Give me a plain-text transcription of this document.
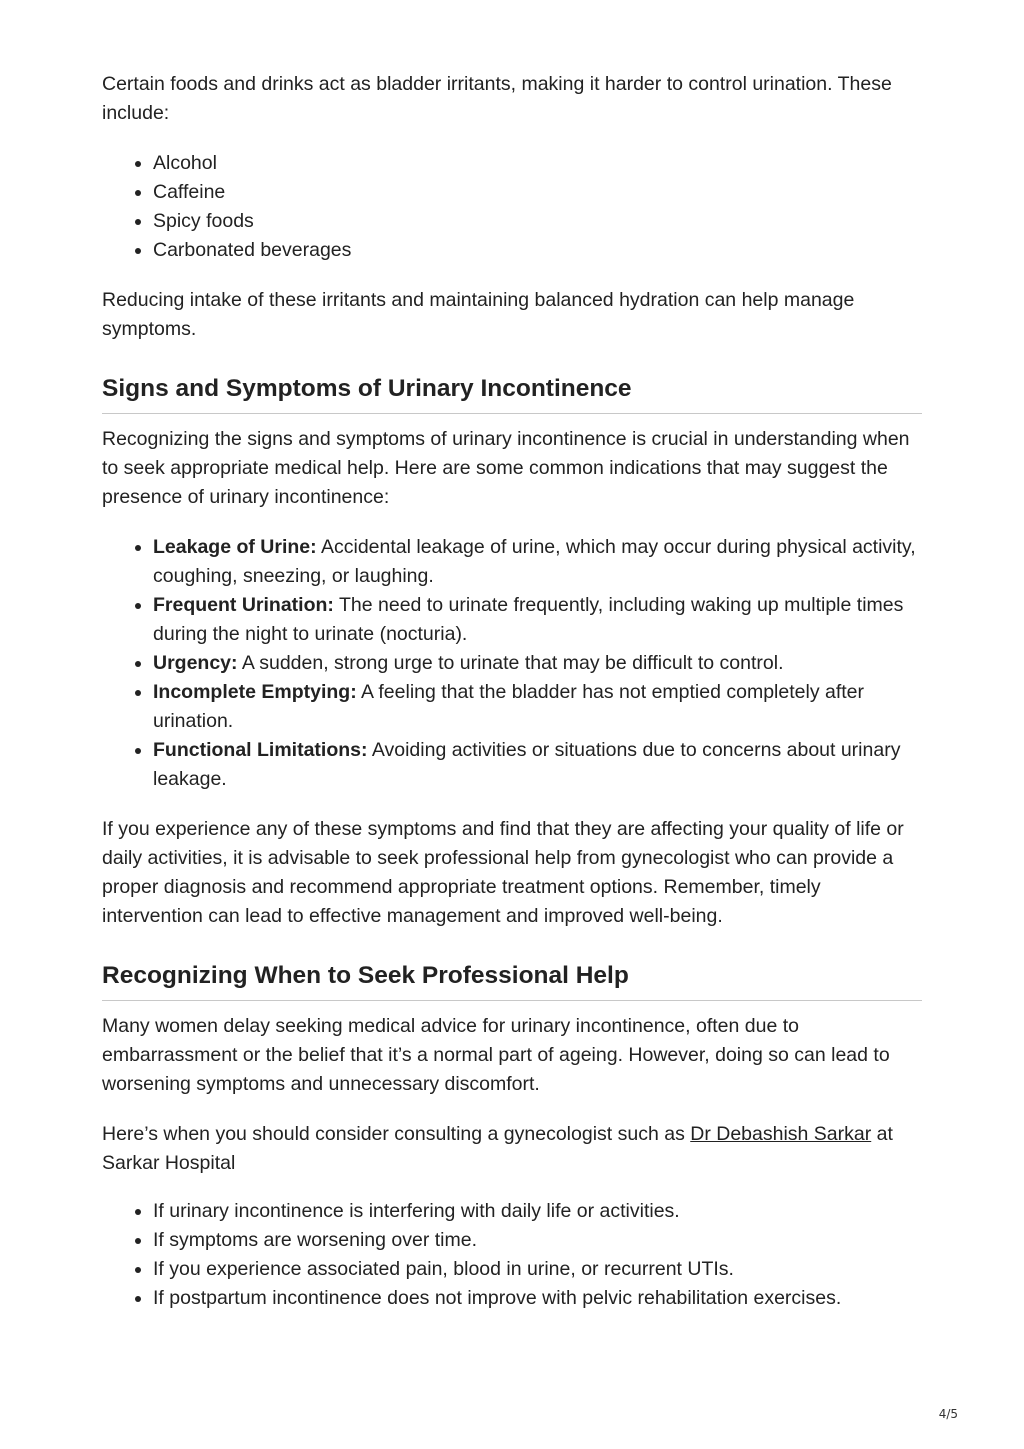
Certain foods and drinks act as bladder irritants, making it harder to control urination. These include:

• Alcohol
• Caffeine
• Spicy foods
• Carbonated beverages

Reducing intake of these irritants and maintaining balanced hydration can help manage symptoms.

Signs and Symptoms of Urinary Incontinence

Recognizing the signs and symptoms of urinary incontinence is crucial in understanding when to seek appropriate medical help. Here are some common indications that may suggest the presence of urinary incontinence:

• Leakage of Urine: Accidental leakage of urine, which may occur during physical activity, coughing, sneezing, or laughing.
• Frequent Urination: The need to urinate frequently, including waking up multiple times during the night to urinate (nocturia).
• Urgency: A sudden, strong urge to urinate that may be difficult to control.
• Incomplete Emptying: A feeling that the bladder has not emptied completely after urination.
• Functional Limitations: Avoiding activities or situations due to concerns about urinary leakage.

If you experience any of these symptoms and find that they are affecting your quality of life or daily activities, it is advisable to seek professional help from gynecologist who can provide a proper diagnosis and recommend appropriate treatment options. Remember, timely intervention can lead to effective management and improved well-being.

Recognizing When to Seek Professional Help

Many women delay seeking medical advice for urinary incontinence, often due to embarrassment or the belief that it’s a normal part of ageing. However, doing so can lead to worsening symptoms and unnecessary discomfort.

Here’s when you should consider consulting a gynecologist such as Dr Debashish Sarkar at Sarkar Hospital

• If urinary incontinence is interfering with daily life or activities.
• If symptoms are worsening over time.
• If you experience associated pain, blood in urine, or recurrent UTIs.
• If postpartum incontinence does not improve with pelvic rehabilitation exercises.
4/5
